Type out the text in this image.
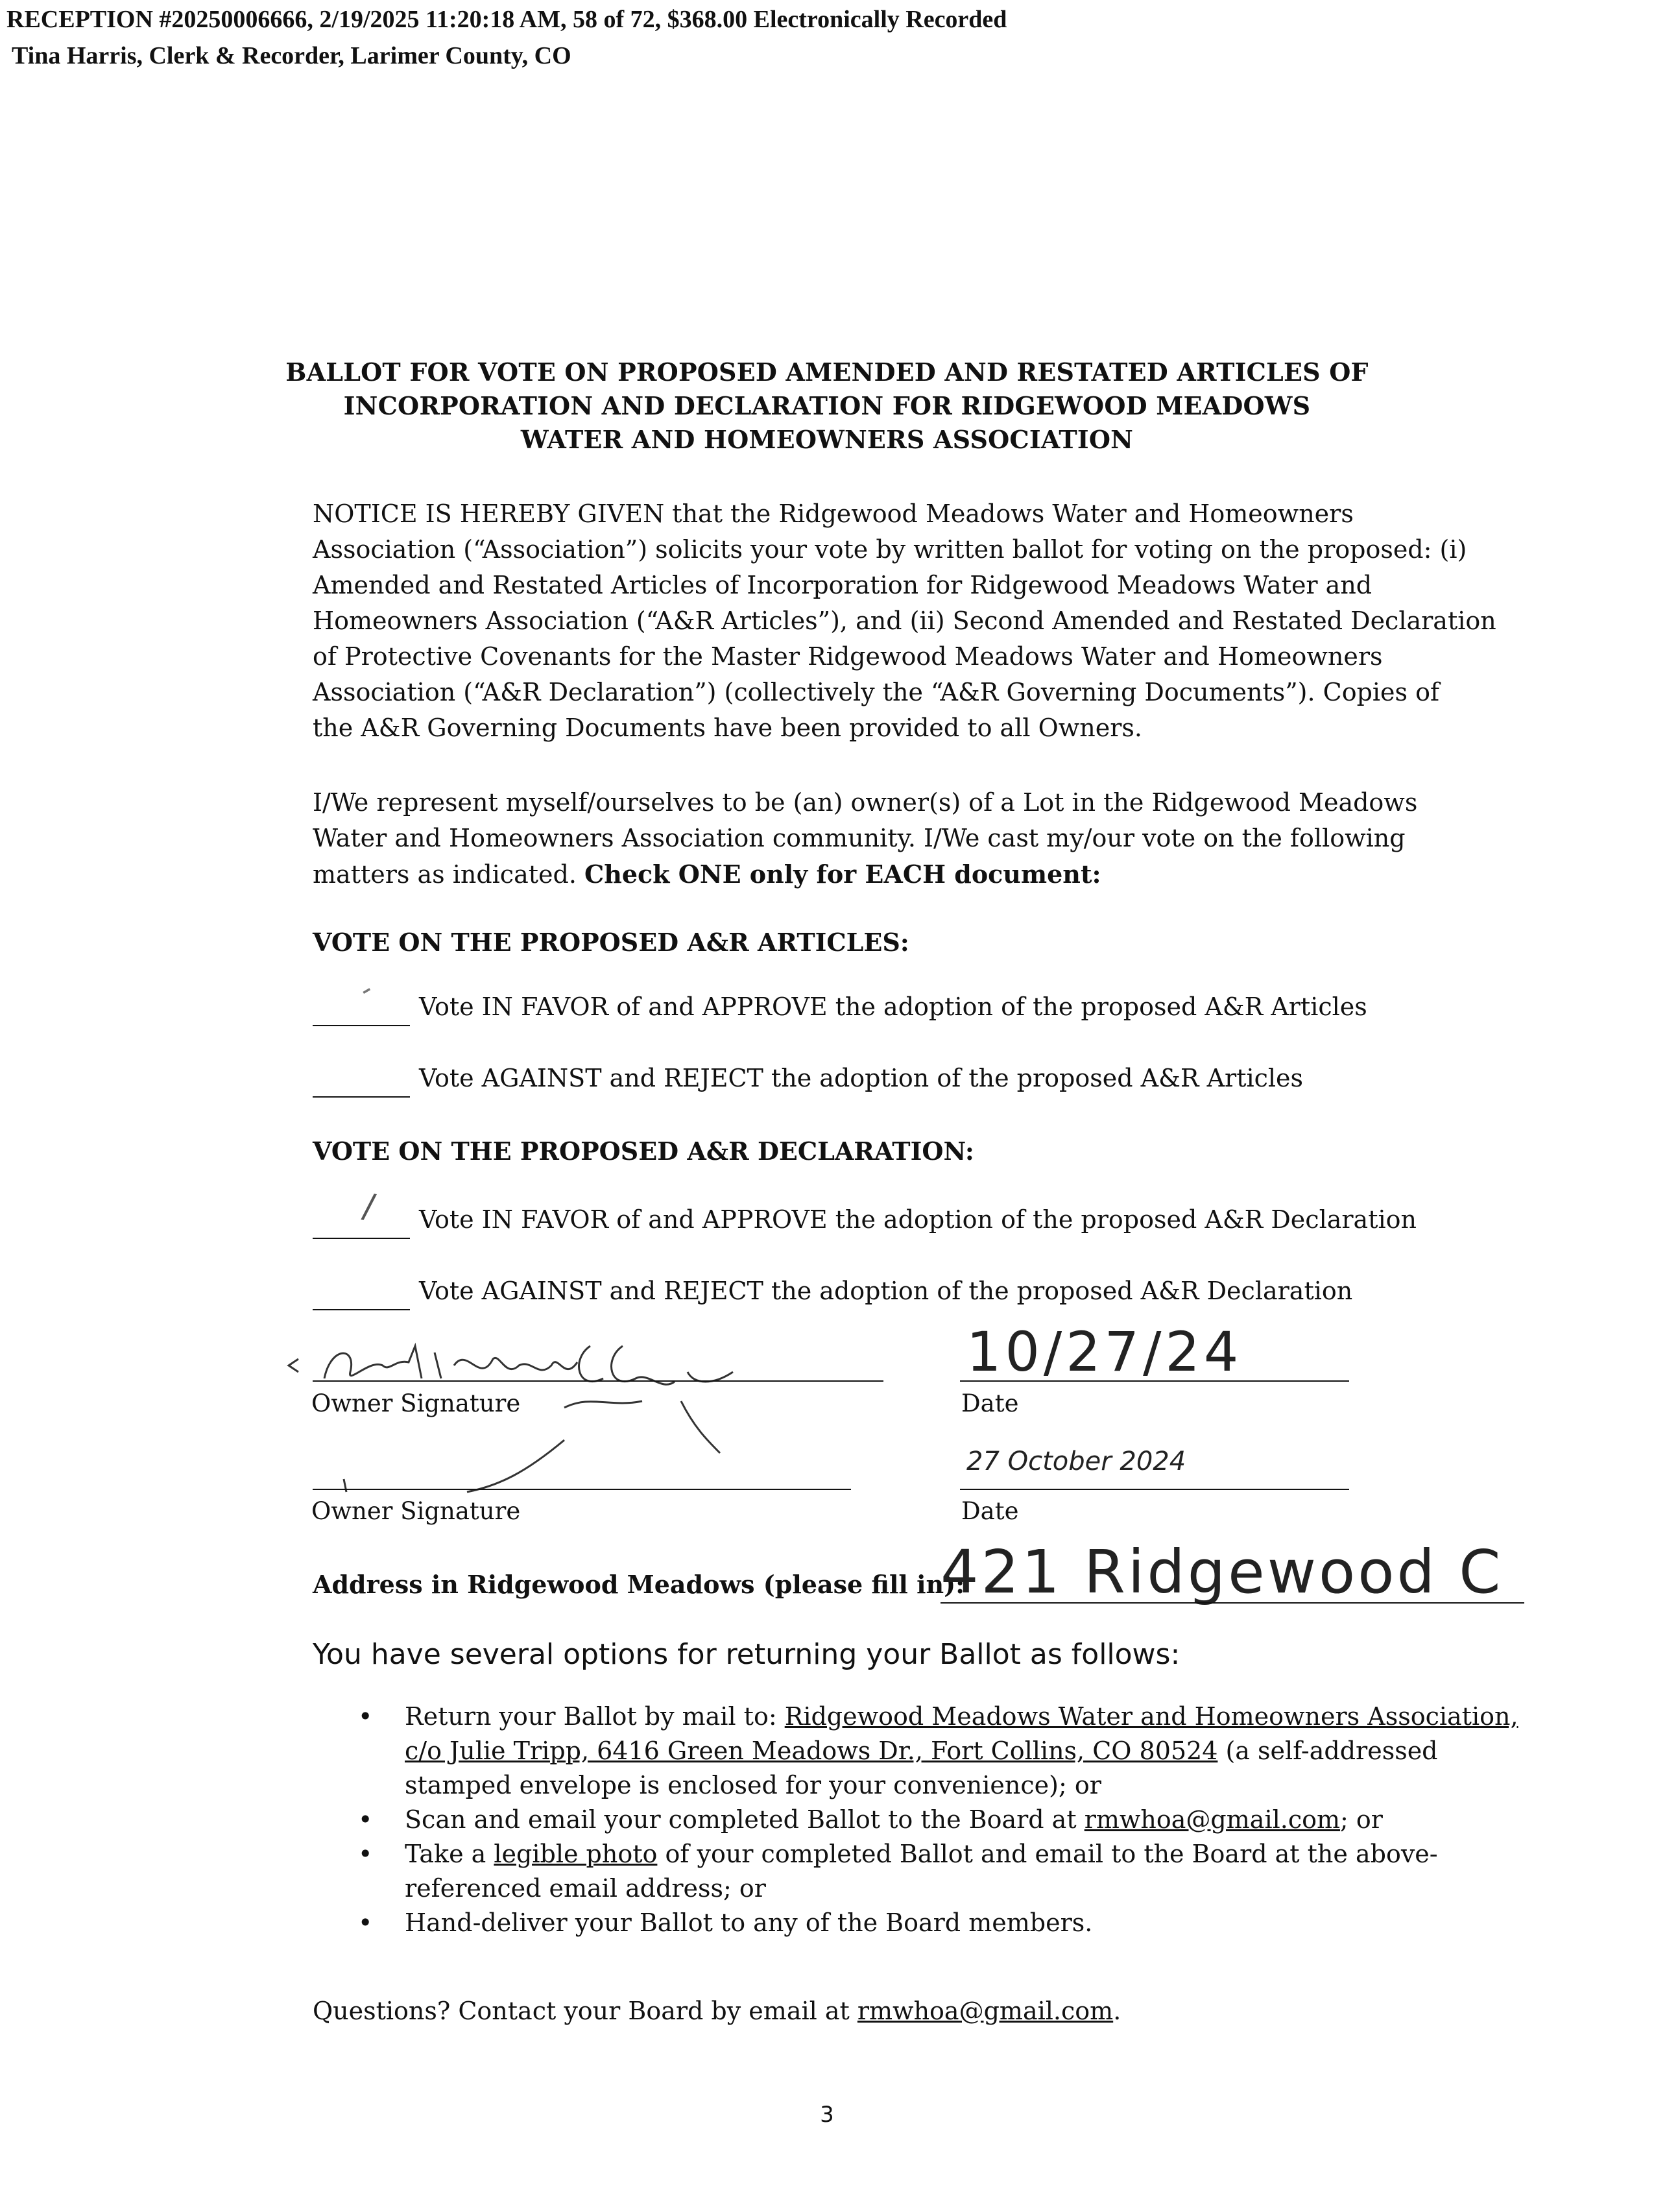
RECEPTION #20250006666, 2/19/2025 11:20:18 AM, 58 of 72, $368.00 Electronically Recorded
Tina Harris, Clerk & Recorder, Larimer County, CO
BALLOT FOR VOTE ON PROPOSED AMENDED AND RESTATED ARTICLES OF
INCORPORATION AND DECLARATION FOR RIDGEWOOD MEADOWS
WATER AND HOMEOWNERS ASSOCIATION
NOTICE IS HEREBY GIVEN that the Ridgewood Meadows Water and Homeowners
Association (“Association”) solicits your vote by written ballot for voting on the proposed: (i)
Amended and Restated Articles of Incorporation for Ridgewood Meadows Water and
Homeowners Association (“A&R Articles”), and (ii) Second Amended and Restated Declaration
of Protective Covenants for the Master Ridgewood Meadows Water and Homeowners
Association (“A&R Declaration”) (collectively the “A&R Governing Documents”). Copies of
the A&R Governing Documents have been provided to all Owners.
I/We represent myself/ourselves to be (an) owner(s) of a Lot in the Ridgewood Meadows
Water and Homeowners Association community. I/We cast my/our vote on the following
matters as indicated. Check ONE only for EACH document:
VOTE ON THE PROPOSED A&R ARTICLES:
‐
Vote IN FAVOR of and APPROVE the adoption of the proposed A&R Articles
Vote AGAINST and REJECT the adoption of the proposed A&R Articles
VOTE ON THE PROPOSED A&R DECLARATION:
/ Vote IN FAVOR of and APPROVE the adoption of the proposed A&R Declaration
Vote AGAINST and REJECT the adoption of the proposed A&R Declaration
10/27/24
Owner Signature	Date
27 October 2024
Owner Signature	Date
Address in Ridgewood Meadows (please fill in):
421 Ridgewood C
You have several options for returning your Ballot as follows:
• Return your Ballot by mail to: Ridgewood Meadows Water and Homeowners Association, c/o Julie Tripp, 6416 Green Meadows Dr., Fort Collins, CO 80524 (a self-addressed stamped envelope is enclosed for your convenience); or
• Scan and email your completed Ballot to the Board at rmwhoa@gmail.com; or
• Take a legible photo of your completed Ballot and email to the Board at the above-referenced email address; or
• Hand-deliver your Ballot to any of the Board members.
Questions? Contact your Board by email at rmwhoa@gmail.com.
3
